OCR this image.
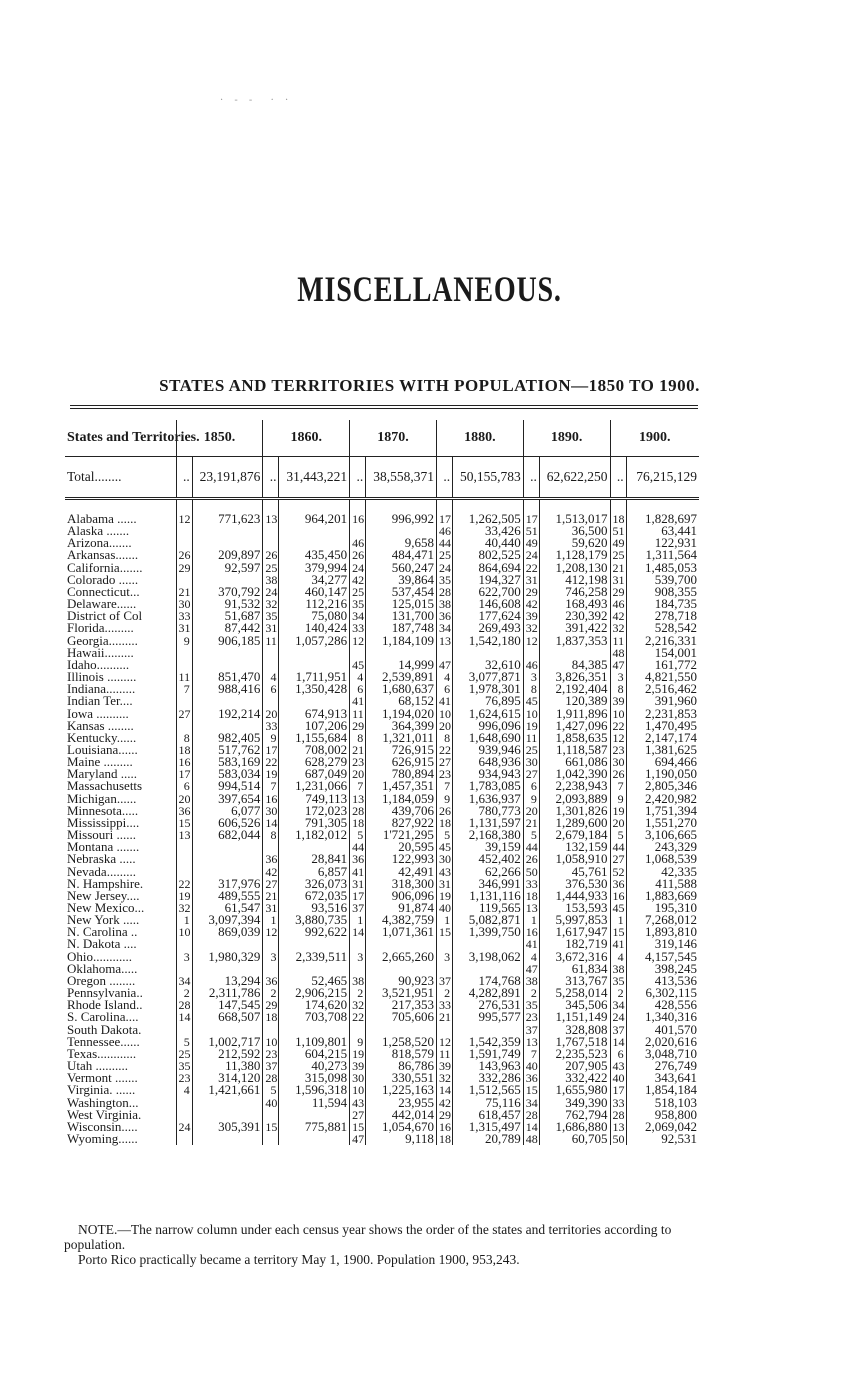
· - -  · ·
MISCELLANEOUS.
STATES AND TERRITORIES WITH POPULATION—1850 TO 1900.
States and Territories.	1850.		1860.		1870.		1880.		1890.		1900.	
Total........	..	23,191,876	..	31,443,221	..	38,558,371	..	50,155,783	..	62,622,250	..	76,215,129

Alabama ......	12	771,623	13	964,201	16	996,992	17	1,262,505	17	1,513,017	18	1,828,697
Alaska .......							46	33,426	51	36,500	51	63,441
Arizona.......					46	9,658	44	40,440	49	59,620	49	122,931
Arkansas.......	26	209,897	26	435,450	26	484,471	25	802,525	24	1,128,179	25	1,311,564
California.......	29	92,597	25	379,994	24	560,247	24	864,694	22	1,208,130	21	1,485,053
Colorado ......			38	34,277	42	39,864	35	194,327	31	412,198	31	539,700
Connecticut...	21	370,792	24	460,147	25	537,454	28	622,700	29	746,258	29	908,355
Delaware......	30	91,532	32	112,216	35	125,015	38	146,608	42	168,493	46	184,735
District of Col	33	51,687	35	75,080	34	131,700	36	177,624	39	230,392	42	278,718
Florida.........	31	87,442	31	140,424	33	187,748	34	269,493	32	391,422	32	528,542
Georgia.........	9	906,185	11	1,057,286	12	1,184,109	13	1,542,180	12	1,837,353	11	2,216,331
Hawaii.........											48	154,001
Idaho..........					45	14,999	47	32,610	46	84,385	47	161,772
Illinois .........	11	851,470	4	1,711,951	4	2,539,891	4	3,077,871	3	3,826,351	3	4,821,550
Indiana.........	7	988,416	6	1,350,428	6	1,680,637	6	1,978,301	8	2,192,404	8	2,516,462
Indian Ter....					41	68,152	41	76,895	45	120,389	39	391,960
Iowa ..........	27	192,214	20	674,913	11	1,194,020	10	1,624,615	10	1,911,896	10	2,231,853
Kansas ........			33	107,206	29	364,399	20	996,096	19	1,427,096	22	1,470,495
Kentucky......	8	982,405	9	1,155,684	8	1,321,011	8	1,648,690	11	1,858,635	12	2,147,174
Louisiana......	18	517,762	17	708,002	21	726,915	22	939,946	25	1,118,587	23	1,381,625
Maine .........	16	583,169	22	628,279	23	626,915	27	648,936	30	661,086	30	694,466
Maryland .....	17	583,034	19	687,049	20	780,894	23	934,943	27	1,042,390	26	1,190,050
Massachusetts	6	994,514	7	1,231,066	7	1,457,351	7	1,783,085	6	2,238,943	7	2,805,346
Michigan......	20	397,654	16	749,113	13	1,184,059	9	1,636,937	9	2,093,889	9	2,420,982
Minnesota.....	36	6,077	30	172,023	28	439,706	26	780,773	20	1,301,826	19	1,751,394
Mississippi....	15	606,526	14	791,305	18	827,922	18	1,131,597	21	1,289,600	20	1,551,270
Missouri ......	13	682,044	8	1,182,012	5	1'721,295	5	2,168,380	5	2,679,184	5	3,106,665
Montana .......					44	20,595	45	39,159	44	132,159	44	243,329
Nebraska .....			36	28,841	36	122,993	30	452,402	26	1,058,910	27	1,068,539
Nevada.........			42	6,857	41	42,491	43	62,266	50	45,761	52	42,335
N. Hampshire.	22	317,976	27	326,073	31	318,300	31	346,991	33	376,530	36	411,588
New Jersey....	19	489,555	21	672,035	17	906,096	19	1,131,116	18	1,444,933	16	1,883,669
New Mexico...	32	61,547	31	93,516	37	91,874	40	119,565	13	153,593	45	195,310
New York .....	1	3,097,394	1	3,880,735	1	4,382,759	1	5,082,871	1	5,997,853	1	7,268,012
N. Carolina ..	10	869,039	12	992,622	14	1,071,361	15	1,399,750	16	1,617,947	15	1,893,810
N. Dakota ....									41	182,719	41	319,146
Ohio............	3	1,980,329	3	2,339,511	3	2,665,260	3	3,198,062	4	3,672,316	4	4,157,545
Oklahoma.....									47	61,834	38	398,245
Oregon ........	34	13,294	36	52,465	38	90,923	37	174,768	38	313,767	35	413,536
Pennsylvania..	2	2,311,786	2	2,906,215	2	3,521,951	2	4,282,891	2	5,258,014	2	6,302,115
Rhode Island..	28	147,545	29	174,620	32	217,353	33	276,531	35	345,506	34	428,556
S. Carolina....	14	668,507	18	703,708	22	705,606	21	995,577	23	1,151,149	24	1,340,316
South Dakota.									37	328,808	37	401,570
Tennessee......	5	1,002,717	10	1,109,801	9	1,258,520	12	1,542,359	13	1,767,518	14	2,020,616
Texas............	25	212,592	23	604,215	19	818,579	11	1,591,749	7	2,235,523	6	3,048,710
Utah ..........	35	11,380	37	40,273	39	86,786	39	143,963	40	207,905	43	276,749
Vermont .......	23	314,120	28	315,098	30	330,551	32	332,286	36	332,422	40	343,641
Virginia. ......	4	1,421,661	5	1,596,318	10	1,225,163	14	1,512,565	15	1,655,980	17	1,854,184
Washington...			40	11,594	43	23,955	42	75,116	34	349,390	33	518,103
West Virginia.					27	442,014	29	618,457	28	762,794	28	958,800
Wisconsin.....	24	305,391	15	775,881	15	1,054,670	16	1,315,497	14	1,686,880	13	2,069,042
Wyoming......					47	9,118	18	20,789	48	60,705	50	92,531

NOTE.—The narrow column under each census year shows the order of the states and territories according to population.

Porto Rico practically became a territory May 1, 1900. Population 1900, 953,243.
